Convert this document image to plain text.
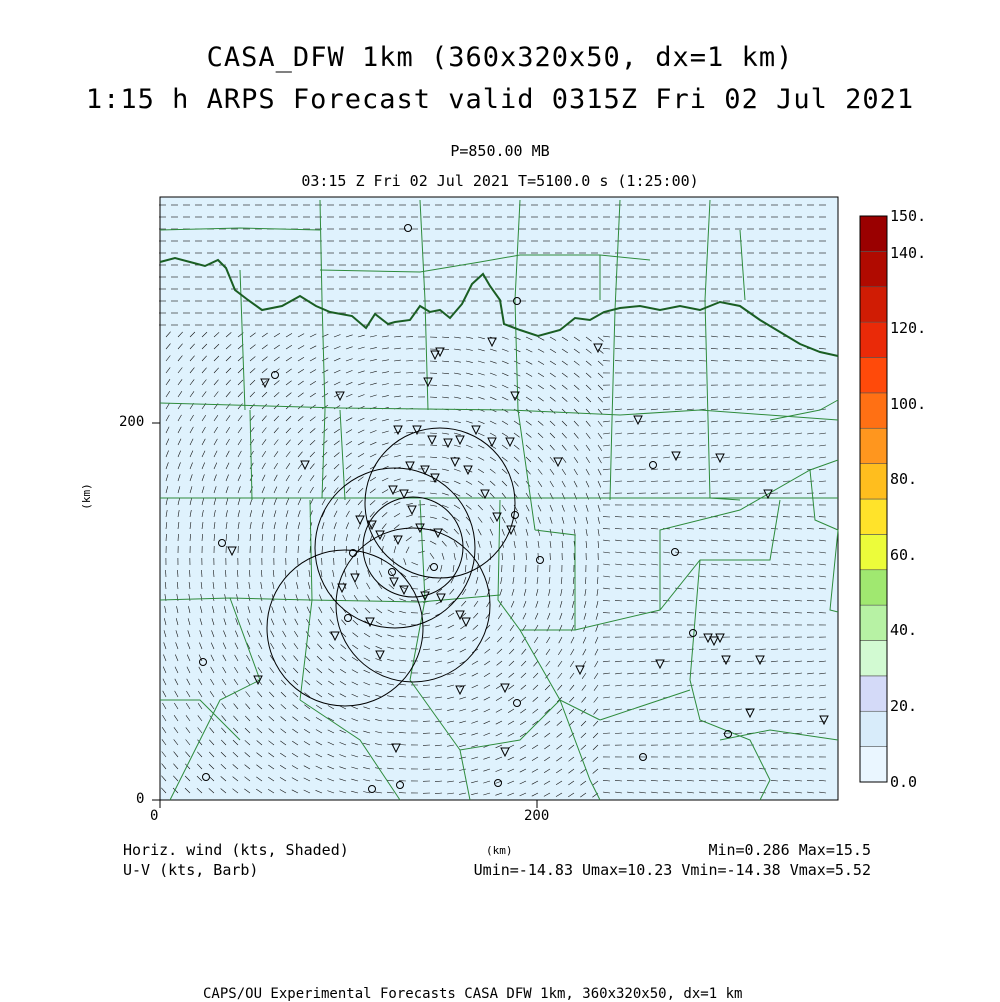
CASA_DFW 1km (360x320x50, dx=1 km)
1:15 h ARPS Forecast valid 0315Z Fri 02 Jul 2021
P=850.00 MB
03:15 Z Fri 02 Jul 2021 T=5100.0 s (1:25:00)
0	200
0
200
(km)
(km)
150.
140.
120.
100.
80.
60.
40.
20.
0.0
Horiz. wind (kts, Shaded)
U-V (kts, Barb)
Min=0.286 Max=15.5
Umin=-14.83 Umax=10.23 Vmin=-14.38 Vmax=5.52
CAPS/OU Experimental Forecasts CASA DFW 1km, 360x320x50, dx=1 km
